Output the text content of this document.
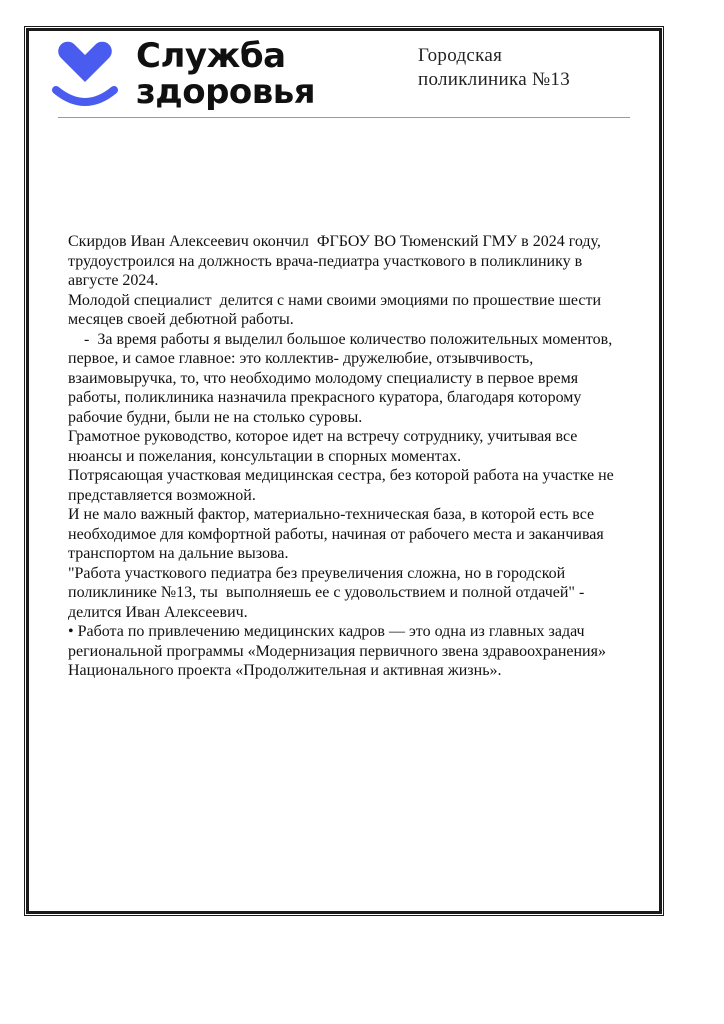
Служба
здоровья
Городская
поликлиника №13

Скирдов Иван Алексеевич окончил  ФГБОУ ВО Тюменский ГМУ в 2024 году, трудоустроился на должность врача-педиатра участкового в поликлинику в августе 2024.

Молодой специалист  делится с нами своими эмоциями по прошествие шести месяцев своей дебютной работы.

-  За время работы я выделил большое количество положительных моментов, первое, и самое главное: это коллектив- дружелюбие, отзывчивость, взаимовыручка, то, что необходимо молодому специалисту в первое время работы, поликлиника назначила прекрасного куратора, благодаря которому рабочие будни, были не на столько суровы.

Грамотное руководство, которое идет на встречу сотруднику, учитывая все нюансы и пожелания, консультации в спорных моментах.

Потрясающая участковая медицинская сестра, без которой работа на участке не представляется возможной.

И не мало важный фактор, материально-техническая база, в которой есть все необходимое для комфортной работы, начиная от рабочего места и заканчивая транспортом на дальние вызова.

"Работа участкового педиатра без преувеличения сложна, но в городской поликлинике №13, ты  выполняешь ее с удовольствием и полной отдачей" - делится Иван Алексеевич.

• Работа по привлечению медицинских кадров — это одна из главных задач региональной программы «Модернизация первичного звена здравоохранения» Национального проекта «Продолжительная и активная жизнь».
